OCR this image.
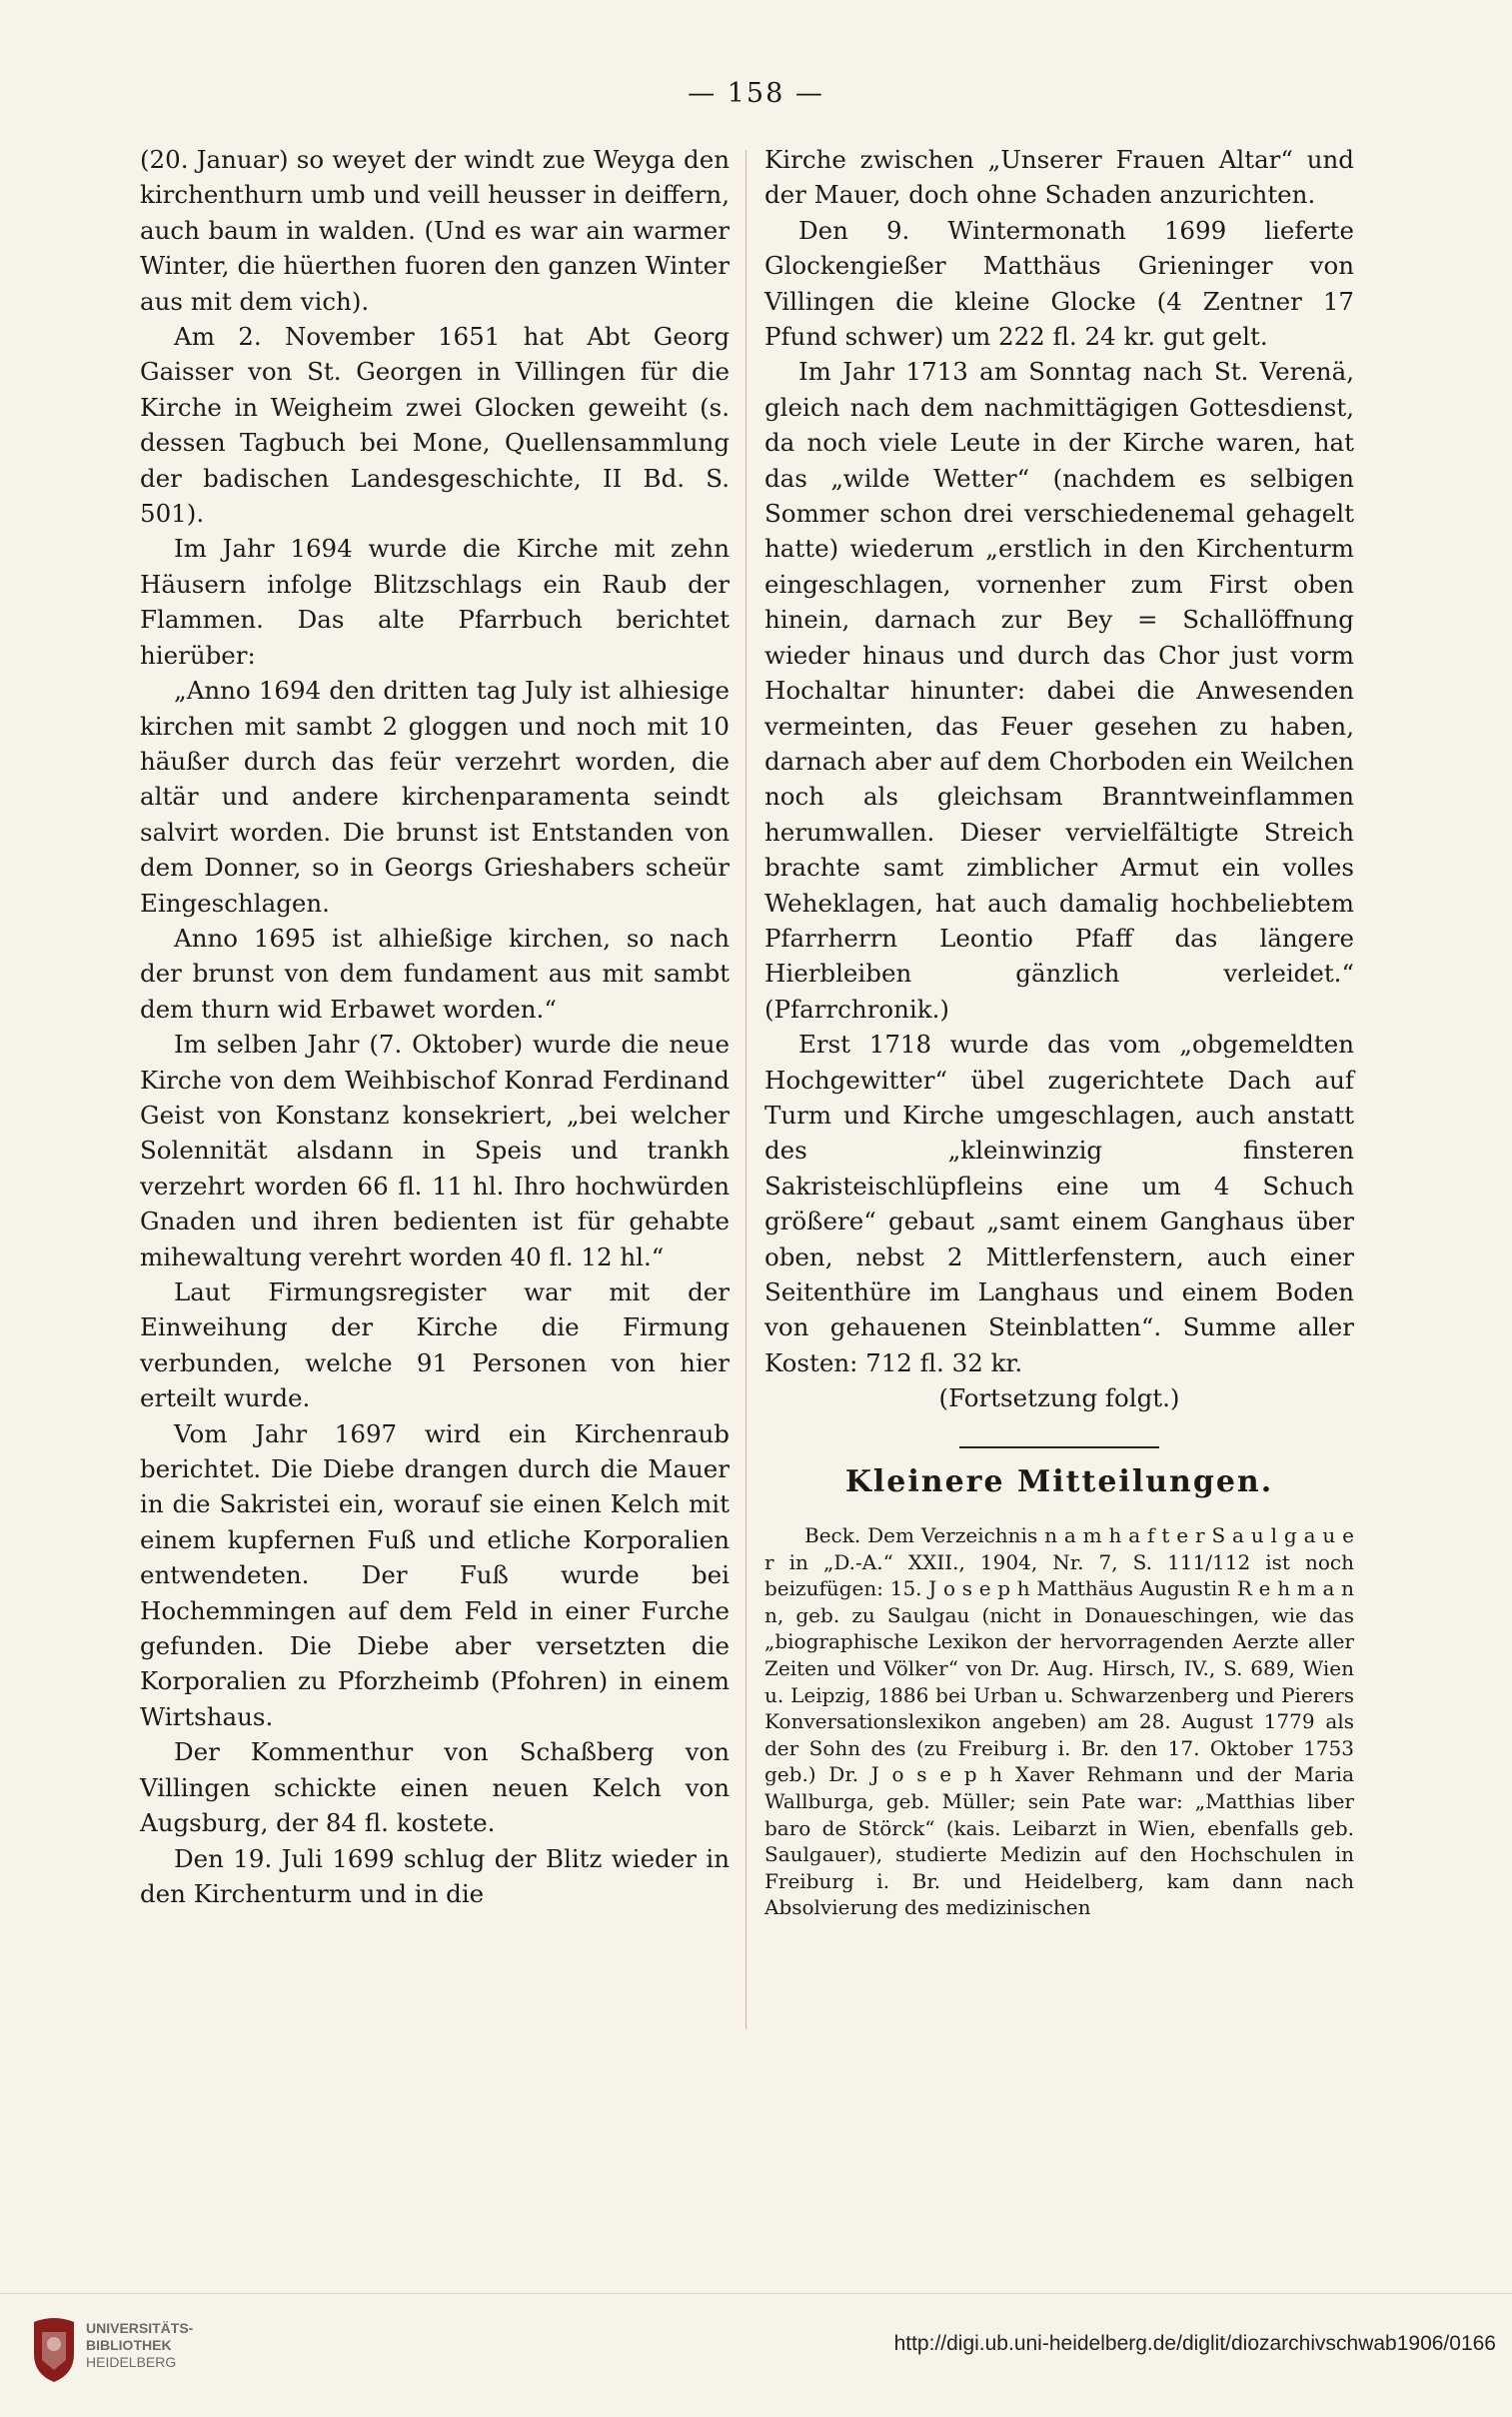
— 158 —

(20. Januar) so weyet der windt zue Weyga den kirchenthurn umb und veill heusser in deiffern, auch baum in walden. (Und es war ain warmer Winter, die hüerthen fuoren den ganzen Winter aus mit dem vich).

Am 2. November 1651 hat Abt Georg Gaisser von St. Georgen in Villingen für die Kirche in Weigheim zwei Glocken geweiht (s. dessen Tagbuch bei Mone, Quellensammlung der badischen Landesgeschichte, II Bd. S. 501).

Im Jahr 1694 wurde die Kirche mit zehn Häusern infolge Blitzschlags ein Raub der Flammen. Das alte Pfarrbuch berichtet hierüber:

„Anno 1694 den dritten tag July ist alhiesige kirchen mit sambt 2 gloggen und noch mit 10 häußer durch das feür verzehrt worden, die altär und andere kirchenparamenta seindt salvirt worden. Die brunst ist Entstanden von dem Donner, so in Georgs Grieshabers scheür Eingeschlagen.

Anno 1695 ist alhießige kirchen, so nach der brunst von dem fundament aus mit sambt dem thurn wid Erbawet worden.“

Im selben Jahr (7. Oktober) wurde die neue Kirche von dem Weihbischof Konrad Ferdinand Geist von Konstanz konsekriert, „bei welcher Solennität alsdann in Speis und trankh verzehrt worden 66 fl. 11 hl. Ihro hochwürden Gnaden und ihren bedienten ist für gehabte mihewaltung verehrt worden 40 fl. 12 hl.“

Laut Firmungsregister war mit der Einweihung der Kirche die Firmung verbunden, welche 91 Personen von hier erteilt wurde.

Vom Jahr 1697 wird ein Kirchenraub berichtet. Die Diebe drangen durch die Mauer in die Sakristei ein, worauf sie einen Kelch mit einem kupfernen Fuß und etliche Korporalien entwendeten. Der Fuß wurde bei Hochemmingen auf dem Feld in einer Furche gefunden. Die Diebe aber versetzten die Korporalien zu Pforzheimb (Pfohren) in einem Wirtshaus.

Der Kommenthur von Schaßberg von Villingen schickte einen neuen Kelch von Augsburg, der 84 fl. kostete.

Den 19. Juli 1699 schlug der Blitz wieder in den Kirchenturm und in die

Kirche zwischen „Unserer Frauen Altar“ und der Mauer, doch ohne Schaden anzurichten.

Den 9. Wintermonath 1699 lieferte Glockengießer Matthäus Grieninger von Villingen die kleine Glocke (4 Zentner 17 Pfund schwer) um 222 fl. 24 kr. gut gelt.

Im Jahr 1713 am Sonntag nach St. Verenä, gleich nach dem nachmittägigen Gottesdienst, da noch viele Leute in der Kirche waren, hat das „wilde Wetter“ (nachdem es selbigen Sommer schon drei verschiedenemal gehagelt hatte) wiederum „erstlich in den Kirchenturm eingeschlagen, vornenher zum First oben hinein, darnach zur Bey = Schallöffnung wieder hinaus und durch das Chor just vorm Hochaltar hinunter: dabei die Anwesenden vermeinten, das Feuer gesehen zu haben, darnach aber auf dem Chorboden ein Weilchen noch als gleichsam Branntweinflammen herumwallen. Dieser vervielfältigte Streich brachte samt zimblicher Armut ein volles Weheklagen, hat auch damalig hochbeliebtem Pfarrherrn Leontio Pfaff das längere Hierbleiben gänzlich verleidet.“ (Pfarrchronik.)

Erst 1718 wurde das vom „obgemeldten Hochgewitter“ übel zugerichtete Dach auf Turm und Kirche umgeschlagen, auch anstatt des „kleinwinzig finsteren Sakristeischlüpfleins eine um 4 Schuch größere“ gebaut „samt einem Ganghaus über oben, nebst 2 Mittlerfenstern, auch einer Seitenthüre im Langhaus und einem Boden von gehauenen Steinblatten“. Summe aller Kosten: 712 fl. 32 kr.

(Fortsetzung folgt.)

Kleinere Mitteilungen.

Beck. Dem Verzeichnis n a m h a f t e r S a u l g a u e r in „D.-A.“ XXII., 1904, Nr. 7, S. 111/112 ist noch beizufügen: 15. J o s e p h Matthäus Augustin R e h m a n n, geb. zu Saulgau (nicht in Donaueschingen, wie das „biographische Lexikon der hervorragenden Aerzte aller Zeiten und Völker“ von Dr. Aug. Hirsch, IV., S. 689, Wien u. Leipzig, 1886 bei Urban u. Schwarzenberg und Pierers Konversationslexikon angeben) am 28. August 1779 als der Sohn des (zu Freiburg i. Br. den 17. Oktober 1753 geb.) Dr. J o s e p h Xaver Rehmann und der Maria Wallburga, geb. Müller; sein Pate war: „Matthias liber baro de Störck“ (kais. Leibarzt in Wien, ebenfalls geb. Saulgauer), studierte Medizin auf den Hochschulen in Freiburg i. Br. und Heidelberg, kam dann nach Absolvierung des medizinischen

UNIVERSITÄTS-
BIBLIOTHEK
HEIDELBERG
http://digi.ub.uni-heidelberg.de/diglit/diozarchivschwab1906/0166
